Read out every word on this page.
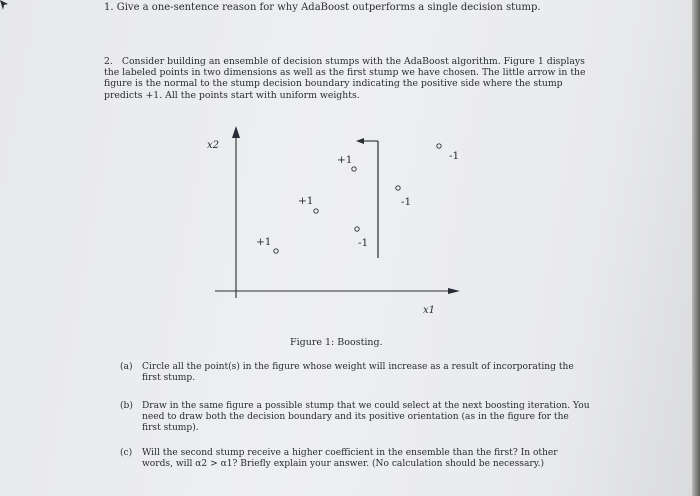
1. Give a one-sentence reason for why AdaBoost outperforms a single decision stump.

2. Consider building an ensemble of decision stumps with the AdaBoost algorithm. Figure 1 displays the labeled points in two dimensions as well as the first stump we have chosen. The little arrow in the figure is the normal to the stump decision boundary indicating the positive side where the stump predicts +1. All the points start with uniform weights.

x2
x1
+1
+1
+1
-1
-1
-1

Figure 1: Boosting.

(a) Circle all the point(s) in the figure whose weight will increase as a result of incorporating the first stump.

(b) Draw in the same figure a possible stump that we could select at the next boosting iteration. You need to draw both the decision boundary and its positive orientation (as in the figure for the first stump).

(c) Will the second stump receive a higher coefficient in the ensemble than the first? In other words, will α2 > α1? Briefly explain your answer. (No calculation should be necessary.)
